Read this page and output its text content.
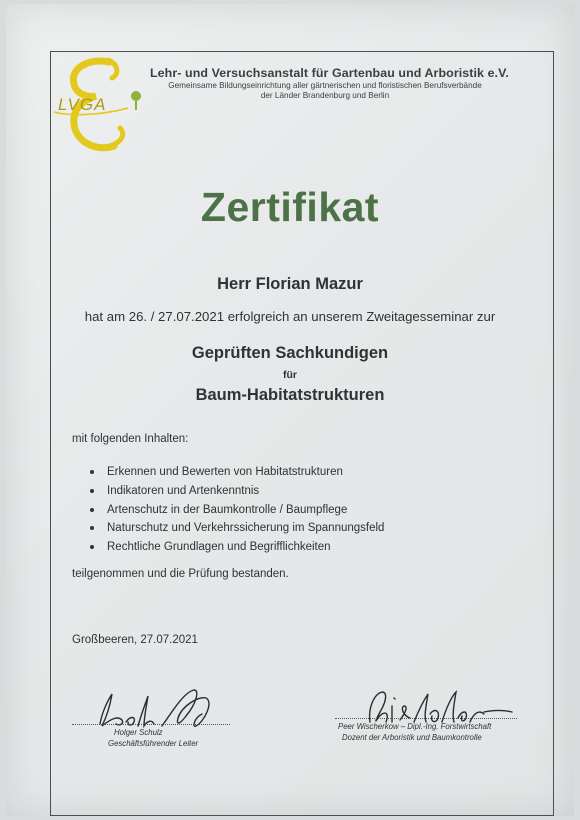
LVGA
Lehr- und Versuchsanstalt für Gartenbau und Arboristik e.V.
Gemeinsame Bildungseinrichtung aller gärtnerischen und floristischen Berufsverbände
der Länder Brandenburg und Berlin
Zertifikat
Herr Florian Mazur
hat am 26. / 27.07.2021 erfolgreich an unserem Zweitagesseminar zur
Geprüften Sachkundigen
für
Baum-Habitatstrukturen
mit folgenden Inhalten:
Erkennen und Bewerten von Habitatstrukturen
Indikatoren und Artenkenntnis
Artenschutz in der Baumkontrolle / Baumpflege
Naturschutz und Verkehrssicherung im Spannungsfeld
Rechtliche Grundlagen und Begrifflichkeiten
teilgenommen und die Prüfung bestanden.
Großbeeren, 27.07.2021
Holger Schulz
Geschäftsführender Leiter
Peer Wischerkow – Dipl.-Ing. Forstwirtschaft
Dozent der Arboristik und Baumkontrolle
